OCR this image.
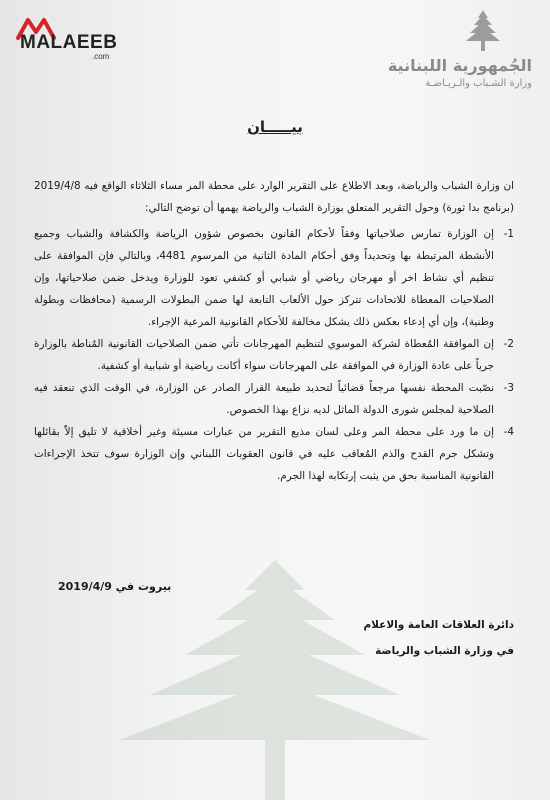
MALAEEB
.com	الجُمهورية اللبنانية
وزارة الشـباب والـريـاضـة
بيـــــان

ان وزارة الشباب والرياضة، وبعد الاطلاع على التقرير الوارد على محطة المر مساء الثلاثاء الواقع فيه 2019/4/8 (برنامج بدا ثورة) وحول التقرير المتعلق بوزارة الشباب والرياضة يهمها أن توضح التالي:

1-
إن الوزارة تمارس صلاحياتها وفقاً لأحكام القانون بخصوص شؤون الرياضة والكشافة والشباب وجميع الأنشطة المرتبطة بها وتحديداً وفق أحكام المادة الثانية من المرسوم 4481، وبالتالي فإن الموافقة على تنظيم أي نشاط اخر أو مهرجان رياضي أو شبابي أو كشفي تعود للوزارة ويدخل ضمن صلاحياتها، وإن الصلاحيات المعطاة للاتحادات تتركز حول الألعاب التابعة لها ضمن البطولات الرسمية (محافظات وبطولة وطنية)، وإن أي إدعاء بعكس ذلك يشكل مخالفة للأحكام القانونية المرعية الإجراء.
2-
إن الموافقة المُعطاة لشركة الموسوي لتنظيم المهرجانات تأتي ضمن الصلاحيات القانونية المُناطة بالوزارة جرياً على عادة الوزارة في الموافقة على المهرجانات سواء أكانت رياضية أو شبابية أو كشفية.
3-
نصّبت المحطة نفسها مرجعاً قضائياً لتحديد طبيعة القرار الصادر عن الوزارة، في الوقت الذي تنعقد فيه الصلاحية لمجلس شورى الدولة الماثل لديه نزاع بهذا الخصوص.
4-
إن ما ورد على محطة المر وعلى لسان مذيع التقرير من عبارات مسيئة وغير أخلاقية لا تليق إلاّ بقائلها وتشكل جرم القدح والذم المُعاقب عليه في قانون العقوبات اللبناني وإن الوزارة سوف تتخذ الإجراءات القانونية المناسبة بحق من يثبت إرتكابه لهذا الجرم.
بيروت في 2019/4/9
دائرة العلاقات العامة والاعلام
في وزارة الشباب والرياضة
